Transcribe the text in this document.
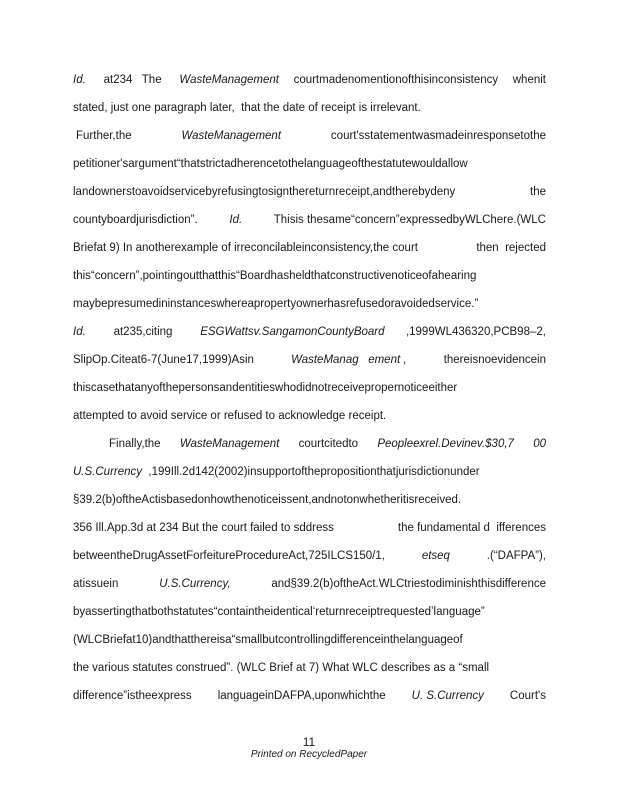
Id. at234   The WasteManagement courtmadenomentionofthisinconsistency whenit
stated, just one paragraph later,  that the date of receipt is irrelevant.
Further,the	WasteManagement	court'sstatementwasmadeinresponsetothe
petitioner'sargument“thatstrictadherencetothelanguageofthestatutewouldallow
landownerstoavoidservicebyrefusingtosignthereturnreceipt,andtherebydeny	the
countyboardjurisdiction”. Id. Thisis thesame“concern”expressedbyWLChere.(WLC
Briefat 9) In anotherexample of irreconcilableinconsistency,the court	then  rejected
this“concern”,pointingoutthatthis“Boardhasheldthatconstructivenoticeofahearing
maybepresumedininstanceswhereapropertyownerhasrefusedoravoidedservice.”
Id. at235,citing ESGWattsv.SangamonCountyBoard ,1999WL436320,PCB98–2,
SlipOp.Citeat6-7(June17,1999)Asin	WasteManag   ement ,	thereisnoevidencein
thiscasethatanyofthepersonsandentitieswhodidnotreceivepropernoticeeither
attempted to avoid service or refused to acknowledge receipt.
Finally,the WasteManagement courtcitedto Peopleexrel.Devinev.$30,7 00
U.S.Currency ,199Ill.2d142(2002)insupportofthepropositionthatjurisdictionunder
§39.2(b)oftheActisbasedonhowthenoticeissent,andnotonwhetheritisreceived.
356 Ill.App.3d at 234 But the court failed to sddress	the fundamental d  ifferences
betweentheDrugAssetForfeitureProcedureAct,725ILCS150/1,	etseq	.(“DAFPA”),
atissuein	U.S.Currency,	and§39.2(b)oftheAct.WLCtriestodiminishthisdifference
byassertingthatbothstatutes“containtheidentical‘returnreceiptrequested’language”
(WLCBriefat10)andthatthereisa“smallbutcontrollingdifferenceinthelanguageof
the various statutes construed”. (WLC Brief at 7) What WLC describes as a “small
difference”istheexpress languageinDAFPA,uponwhichthe U. S.Currency Court's
11
Printed on RecycledPaper
